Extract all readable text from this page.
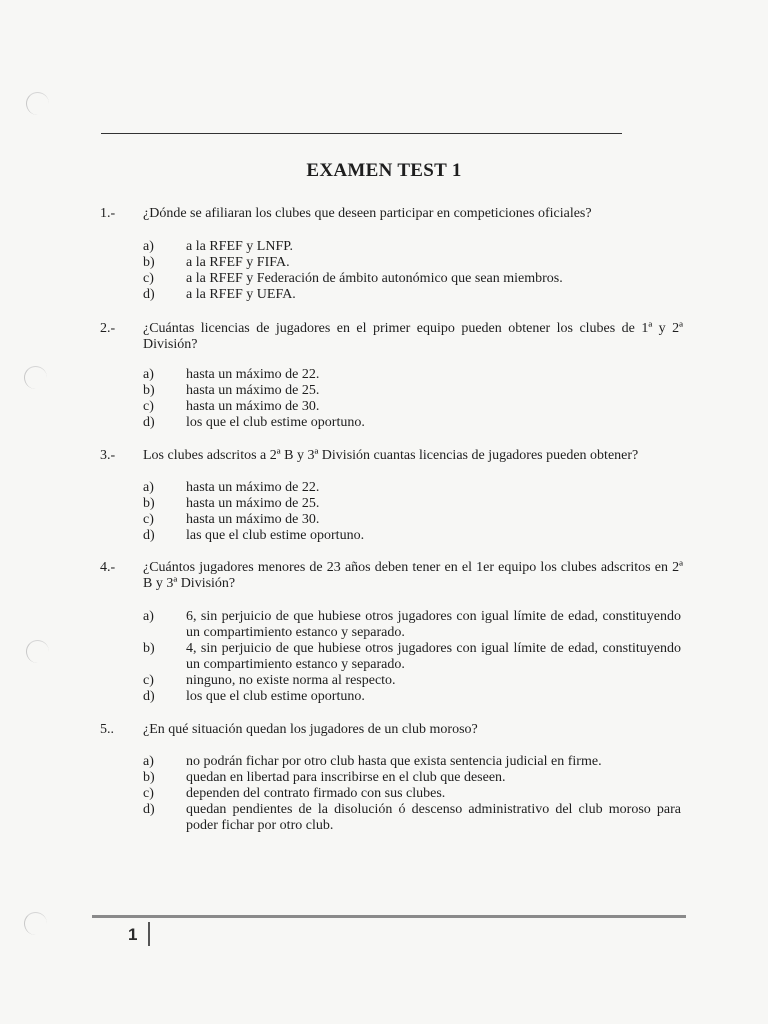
EXAMEN TEST 1
1.- ¿Dónde se afiliaran los clubes que deseen participar en competiciones oficiales?
a) a la RFEF y LNFP.
b) a la RFEF y FIFA.
c) a la RFEF y Federación de ámbito autonómico que sean miembros.
d) a la RFEF y UEFA.
2.- ¿Cuántas licencias de jugadores en el primer equipo pueden obtener los clubes de 1ª y 2ª División?
a) hasta un máximo de 22.
b) hasta un máximo de 25.
c) hasta un máximo de 30.
d) los que el club estime oportuno.
3.- Los clubes adscritos a 2ª B y 3ª División cuantas licencias de jugadores pueden obtener?
a) hasta un máximo de 22.
b) hasta un máximo de 25.
c) hasta un máximo de 30.
d) las que el club estime oportuno.
4.- ¿Cuántos jugadores menores de 23 años deben tener en el 1er equipo los clubes adscritos en 2ª B y 3ª División?
a) 6, sin perjuicio de que hubiese otros jugadores con igual límite de edad, constituyendo un compartimiento estanco y separado.
b) 4, sin perjuicio de que hubiese otros jugadores con igual límite de edad, constituyendo un compartimiento estanco y separado.
c) ninguno, no existe norma al respecto.
d) los que el club estime oportuno.
5.. ¿En qué situación quedan los jugadores de un club moroso?
a) no podrán fichar por otro club hasta que exista sentencia judicial en firme.
b) quedan en libertad para inscribirse en el club que deseen.
c) dependen del contrato firmado con sus clubes.
d) quedan pendientes de la disolución ó descenso administrativo del club moroso para poder fichar por otro club.
1
